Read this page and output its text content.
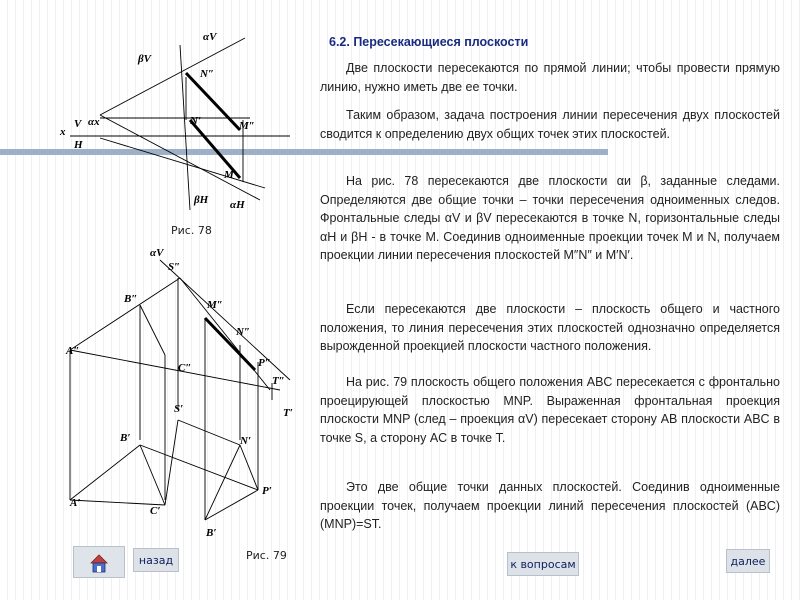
αV
βV
N″
N′	M″
M′
V
H
x
αx
βH αH
Рис. 78
αV
S″
B″	M″
N″
A″
C″	P″
T″
T′
S′
B′	N′
A′
P′
C′
B′
Рис. 79
6.2. Пересекающиеся плоскости
Две плоскости пересекаются по прямой линии; чтобы провести прямую линию, нужно иметь две ее точки.
Таким образом, задача построения линии пересечения двух плоскостей сводится к определению двух общих точек этих плоскостей.
На рис. 78 пересекаются две плоскости αи β, заданные следами. Определяются две общие точки – точки пересечения одноименных следов. Фронтальные следы αV и βV пересекаются в точке N, горизонтальные следы αH и βH - в точке M. Соединив одноименные проекции точек M и N, получаем проекции линии пересечения плоскостей M″N″ и M′N′.
Если пересекаются две плоскости – плоскость общего и частного положения, то линия пересечения этих плоскостей однозначно определяется вырожденной проекцией плоскости частного положения.
На рис. 79 плоскость общего положения ABC пересекается с фронтально проецирующей плоскостью MNP. Выраженная фронтальная проекция плоскости MNP (след – проекция αV) пересекает сторону AB плоскости ABC в точке S, а сторону AC в точке T.
Это две общие точки данных плоскостей. Соединив одноименные проекции точек, получаем проекции линий пересечения плоскостей (ABC)(MNP)=ST.
назад	к вопросам	далее
